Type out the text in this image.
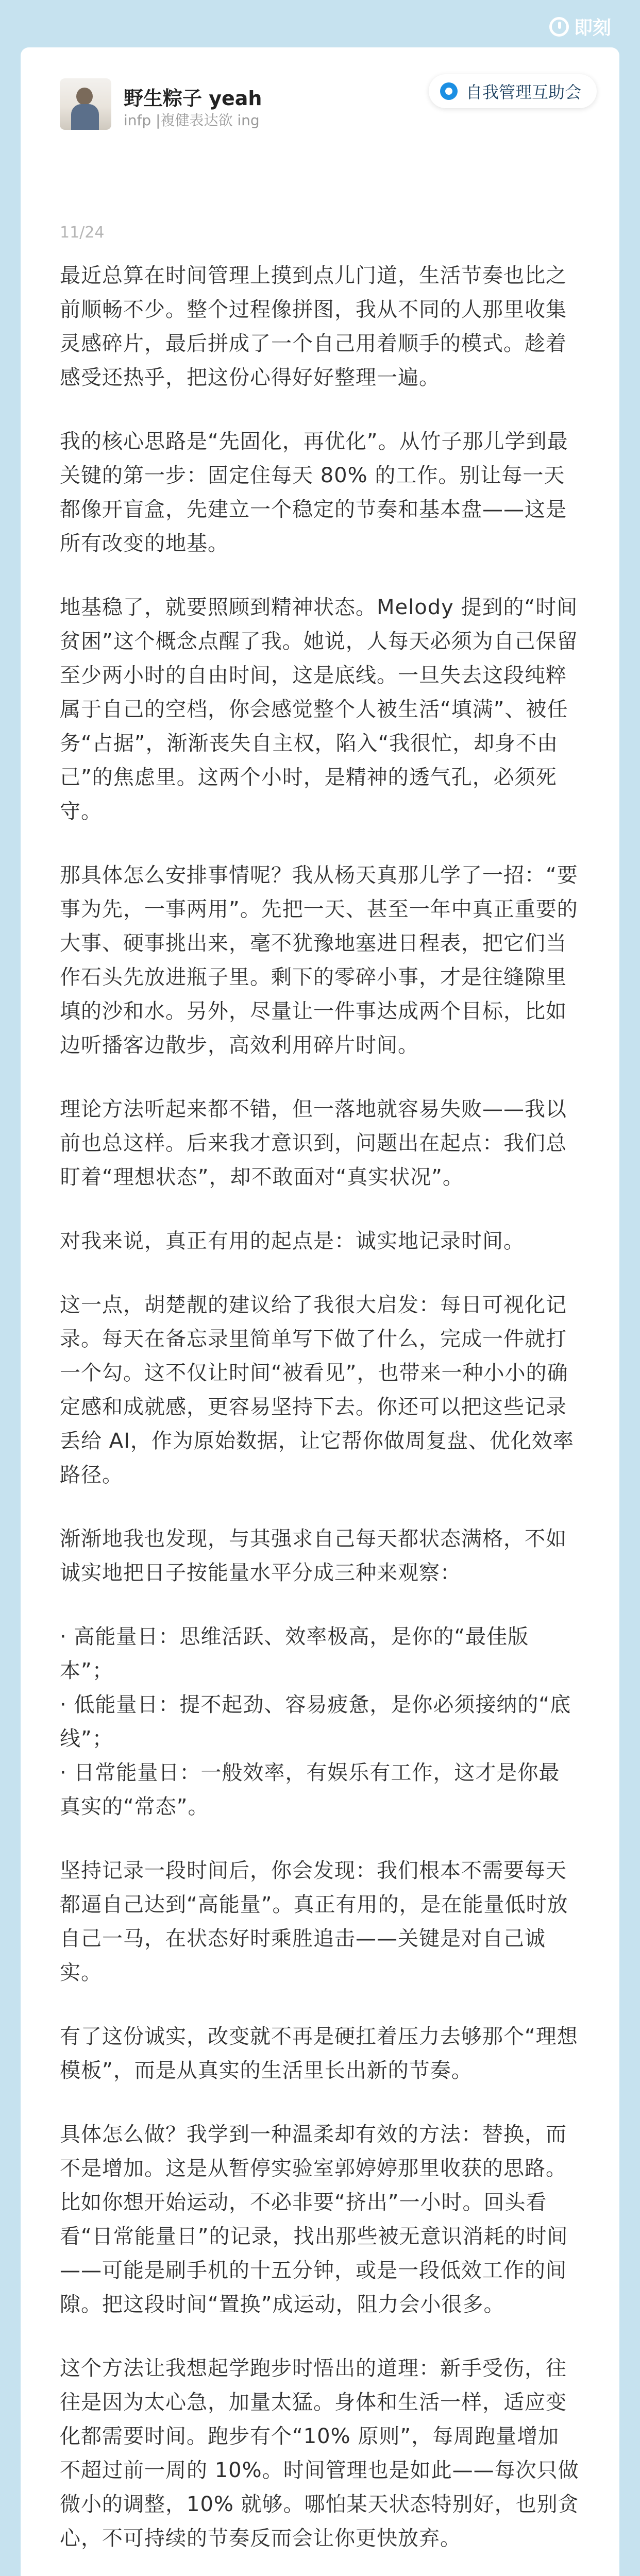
即刻
野生粽子 yeah
infp |複健表达欲 ing
自我管理互助会
11/24

最近总算在时间管理上摸到点儿门道，生活节奏也比之前顺畅不少。整个过程像拼图，我从不同的人那里收集灵感碎片，最后拼成了一个自己用着顺手的模式。趁着感受还热乎，把这份心得好好整理一遍。

我的核心思路是“先固化，再优化”。从竹子那儿学到最关键的第一步：固定住每天 80% 的工作。别让每一天都像开盲盒，先建立一个稳定的节奏和基本盘——这是所有改变的地基。

地基稳了，就要照顾到精神状态。Melody 提到的“时间贫困”这个概念点醒了我。她说，人每天必须为自己保留至少两小时的自由时间，这是底线。一旦失去这段纯粹属于自己的空档，你会感觉整个人被生活“填满”、被任务“占据”，渐渐丧失自主权，陷入“我很忙，却身不由己”的焦虑里。这两个小时，是精神的透气孔，必须死守。

那具体怎么安排事情呢？我从杨天真那儿学了一招：“要事为先，一事两用”。先把一天、甚至一年中真正重要的大事、硬事挑出来，毫不犹豫地塞进日程表，把它们当作石头先放进瓶子里。剩下的零碎小事，才是往缝隙里填的沙和水。另外，尽量让一件事达成两个目标，比如边听播客边散步，高效利用碎片时间。

理论方法听起来都不错，但一落地就容易失败——我以前也总这样。后来我才意识到，问题出在起点：我们总盯着“理想状态”，却不敢面对“真实状况”。

对我来说，真正有用的起点是：诚实地记录时间。

这一点，胡楚靓的建议给了我很大启发：每日可视化记录。每天在备忘录里简单写下做了什么，完成一件就打一个勾。这不仅让时间“被看见”，也带来一种小小的确定感和成就感，更容易坚持下去。你还可以把这些记录丢给 AI，作为原始数据，让它帮你做周复盘、优化效率路径。

渐渐地我也发现，与其强求自己每天都状态满格，不如诚实地把日子按能量水平分成三种来观察：

· 高能量日：思维活跃、效率极高，是你的“最佳版本”；
· 低能量日：提不起劲、容易疲惫，是你必须接纳的“底线”；
· 日常能量日：一般效率，有娱乐有工作，这才是你最真实的“常态”。

坚持记录一段时间后，你会发现：我们根本不需要每天都逼自己达到“高能量”。真正有用的，是在能量低时放自己一马，在状态好时乘胜追击——关键是对自己诚实。

有了这份诚实，改变就不再是硬扛着压力去够那个“理想模板”，而是从真实的生活里长出新的节奏。

具体怎么做？我学到一种温柔却有效的方法：替换，而不是增加。这是从暂停实验室郭婷婷那里收获的思路。比如你想开始运动，不必非要“挤出”一小时。回头看看“日常能量日”的记录，找出那些被无意识消耗的时间——可能是刷手机的十五分钟，或是一段低效工作的间隙。把这段时间“置换”成运动，阻力会小很多。

这个方法让我想起学跑步时悟出的道理：新手受伤，往往是因为太心急，加量太猛。身体和生活一样，适应变化都需要时间。跑步有个“10% 原则”，每周跑量增加不超过前一周的 10%。时间管理也是如此——每次只做微小的调整，10% 就够。哪怕某天状态特别好，也别贪心，不可持续的节奏反而会让你更快放弃。
